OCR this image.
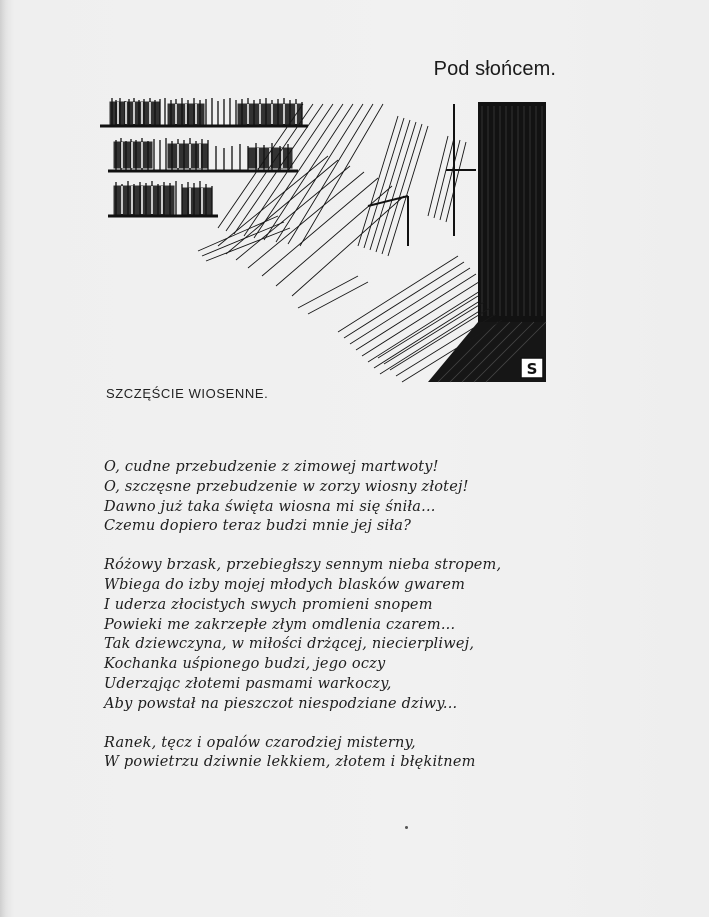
Pod słońcem.
S
SZCZĘŚCIE WIOSENNE.
O, cudne przebudzenie z zimowej martwoty!
O, szczęsne przebudzenie w zorzy wiosny złotej!
Dawno już taka święta wiosna mi się śniła...
Czemu dopiero teraz budzi mnie jej siła?
Różowy brzask, przebiegłszy sennym nieba stropem,
Wbiega do izby mojej młodych blasków gwarem
I uderza złocistych swych promieni snopem
Powieki me zakrzepłe złym omdlenia czarem...
Tak dziewczyna, w miłości drżącej, niecierpliwej,
Kochanka uśpionego budzi, jego oczy
Uderzając złotemi pasmami warkoczy,
Aby powstał na pieszczot niespodziane dziwy...
Ranek, tęcz i opalów czarodziej misterny,
W powietrzu dziwnie lekkiem, złotem i błękitnem
